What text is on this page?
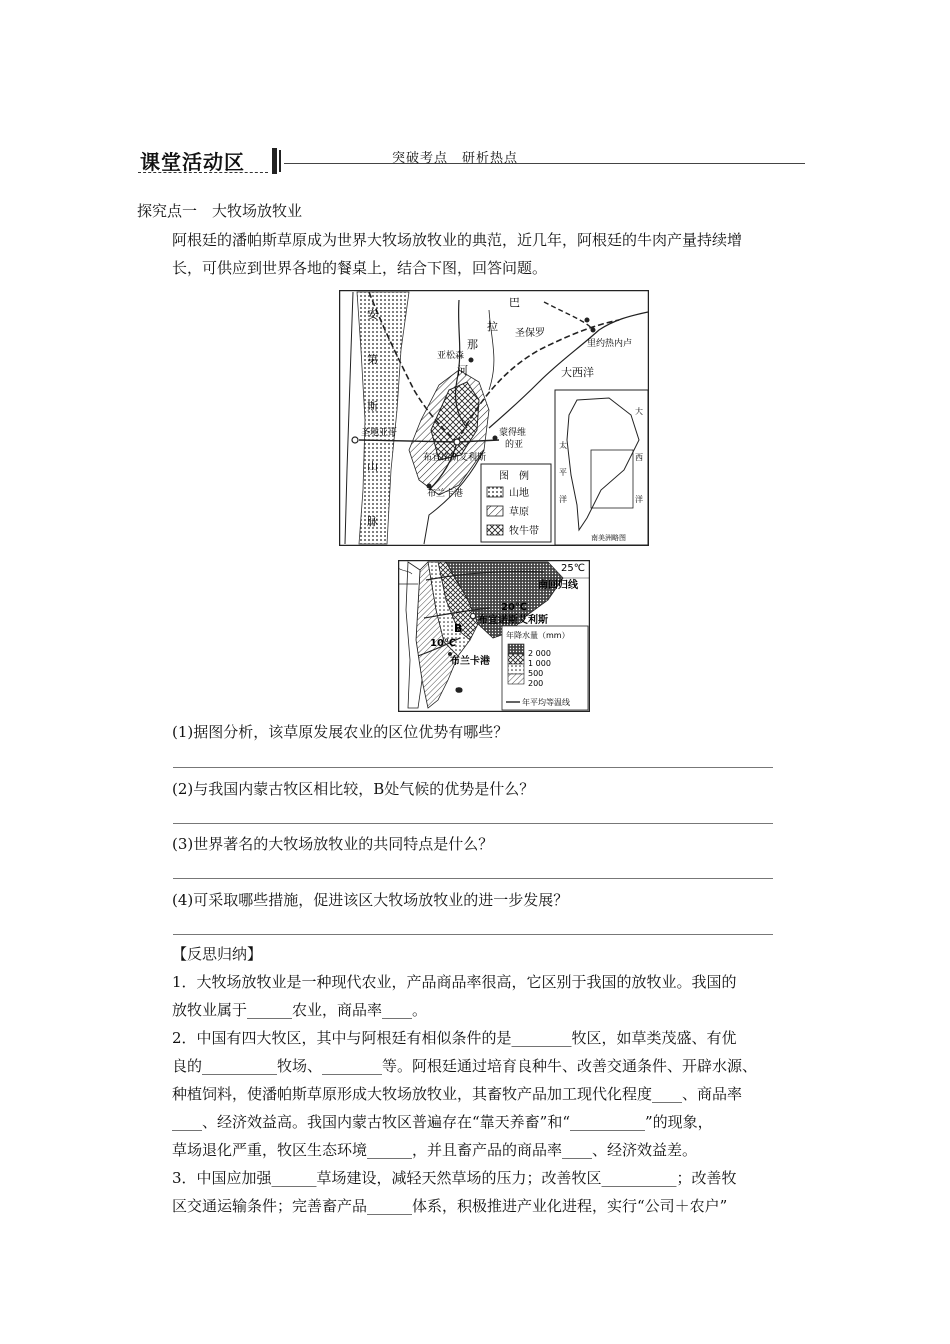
课堂活动区	突破考点　研析热点
探究点一　大牧场放牧业
阿根廷的潘帕斯草原成为世界大牧场放牧业的典范，近几年，阿根廷的牛肉产量持续增
长，可供应到世界各地的餐桌上，结合下图，回答问题。
安
第
斯
山
脉
巴
拉
那
河
圣保罗
里约热内卢
亚松森
大西洋
圣地亚哥	蒙得维
的亚
布宜诺斯艾利斯
布兰卡港
图　例
山地
草原
牧牛带
太
平
洋
大
西
洋
南美洲略图
25℃
南回归线
20℃
布宜诺斯艾利斯
B
10℃
布兰卡港
年降水量（mm）
2 000
1 000
500
200
年平均等温线
(1)据图分析，该草原发展农业的区位优势有哪些？
(2)与我国内蒙古牧区相比较，B处气候的优势是什么？
(3)世界著名的大牧场放牧业的共同特点是什么？
(4)可采取哪些措施，促进该区大牧场放牧业的进一步发展？
【反思归纳】
1．大牧场放牧业是一种现代农业，产品商品率很高，它区别于我国的放牧业。我国的
放牧业属于______农业，商品率____。
2．中国有四大牧区，其中与阿根廷有相似条件的是________牧区，如草类茂盛、有优
良的__________牧场、________等。阿根廷通过培育良种牛、改善交通条件、开辟水源、
种植饲料，使潘帕斯草原形成大牧场放牧业，其畜牧产品加工现代化程度____、商品率
____、经济效益高。我国内蒙古牧区普遍存在“靠天养畜”和“__________”的现象，
草场退化严重，牧区生态环境______，并且畜产品的商品率____、经济效益差。
3．中国应加强______草场建设，减轻天然草场的压力；改善牧区__________；改善牧
区交通运输条件；完善畜产品______体系，积极推进产业化进程，实行“公司＋农户”
